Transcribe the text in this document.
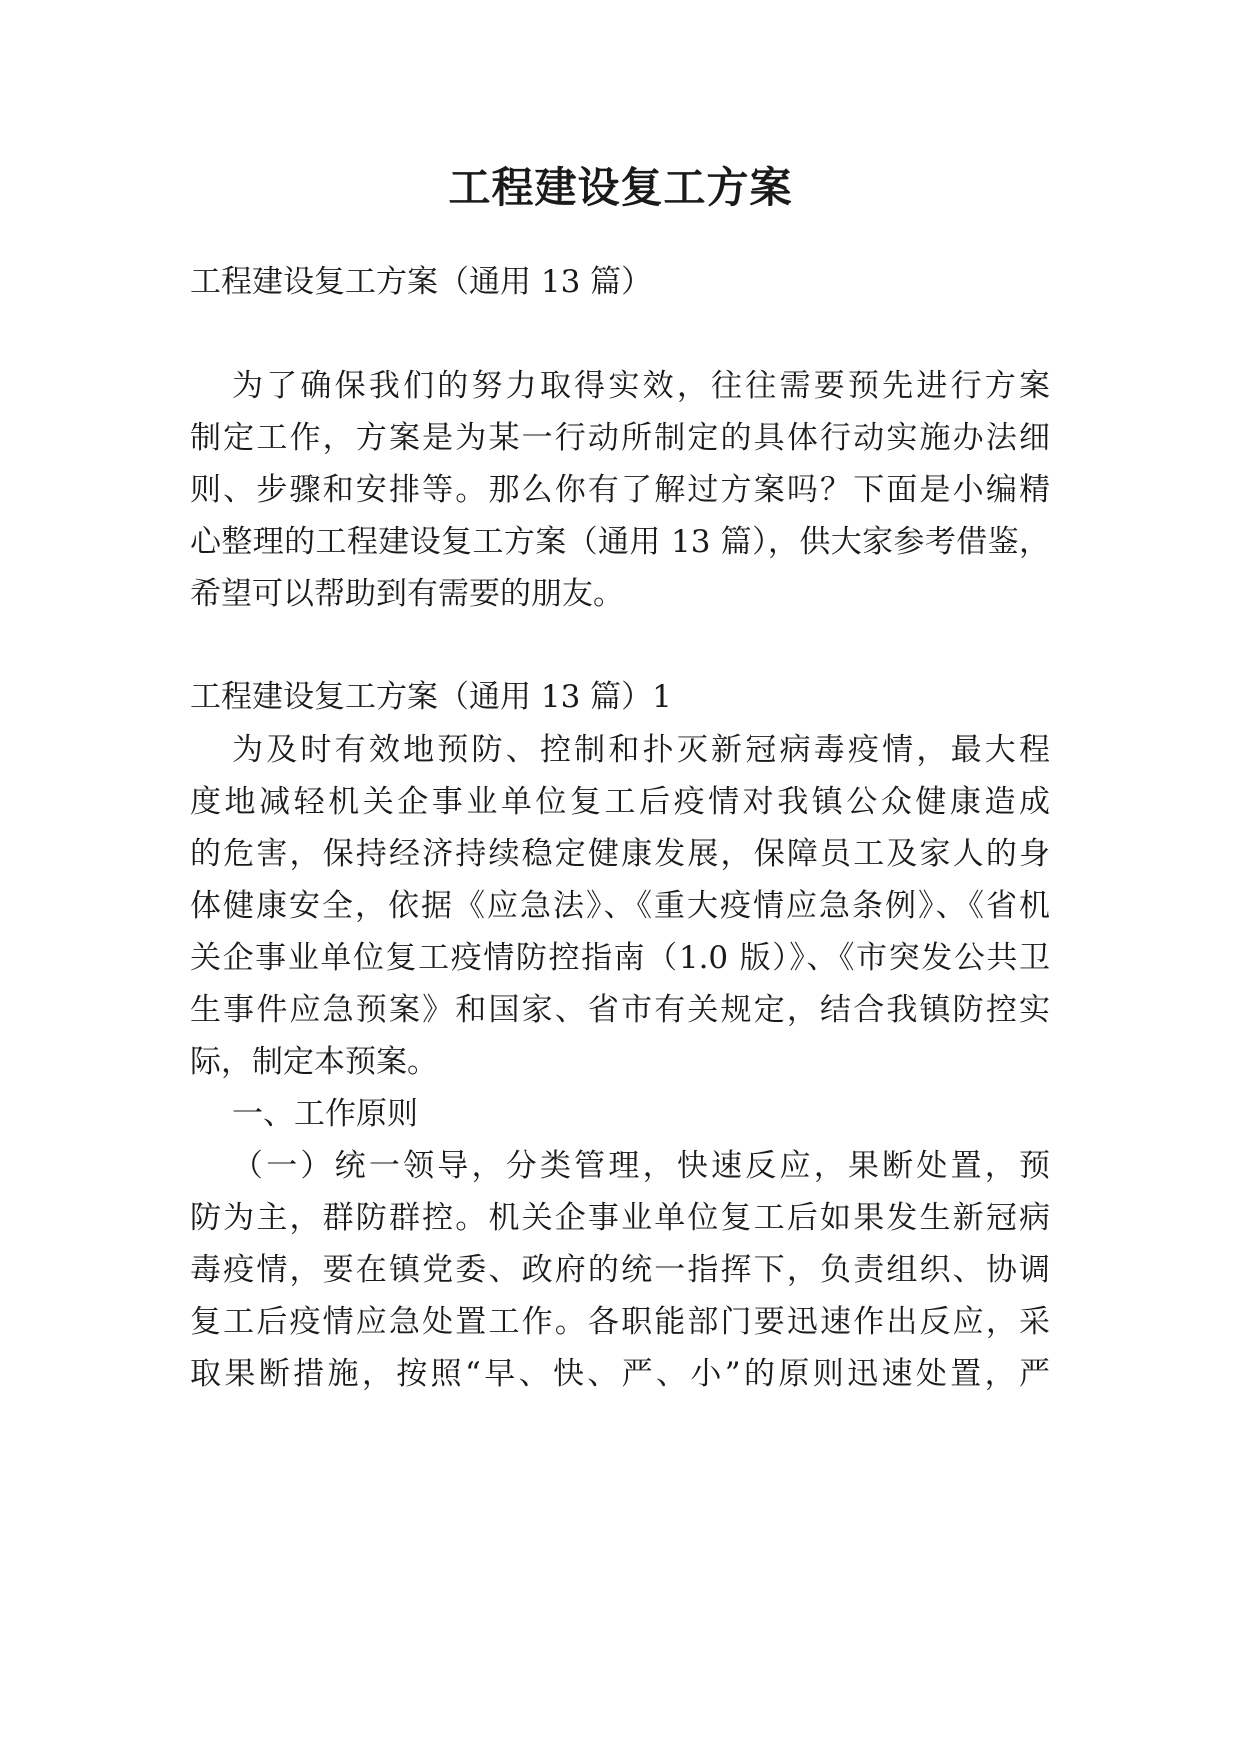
工程建设复工方案
工程建设复工方案（通用 13 篇）
为了确保我们的努力取得实效，往往需要预先进行方案
制定工作，方案是为某一行动所制定的具体行动实施办法细
则、步骤和安排等。那么你有了解过方案吗？下面是小编精
心整理的工程建设复工方案（通用 13 篇），供大家参考借鉴，
希望可以帮助到有需要的朋友。
工程建设复工方案（通用 13 篇）1
为及时有效地预防、控制和扑灭新冠病毒疫情，最大程
度地减轻机关企事业单位复工后疫情对我镇公众健康造成
的危害，保持经济持续稳定健康发展，保障员工及家人的身
体健康安全，依据《应急法》、《重大疫情应急条例》、《省机
关企事业单位复工疫情防控指南（1.0 版）》、《市突发公共卫
生事件应急预案》和国家、省市有关规定，结合我镇防控实
际，制定本预案。
一、工作原则
（一）统一领导，分类管理，快速反应，果断处置，预
防为主，群防群控。机关企事业单位复工后如果发生新冠病
毒疫情，要在镇党委、政府的统一指挥下，负责组织、协调
复工后疫情应急处置工作。各职能部门要迅速作出反应，采
取果断措施，按照“早、快、严、小”的原则迅速处置，严
